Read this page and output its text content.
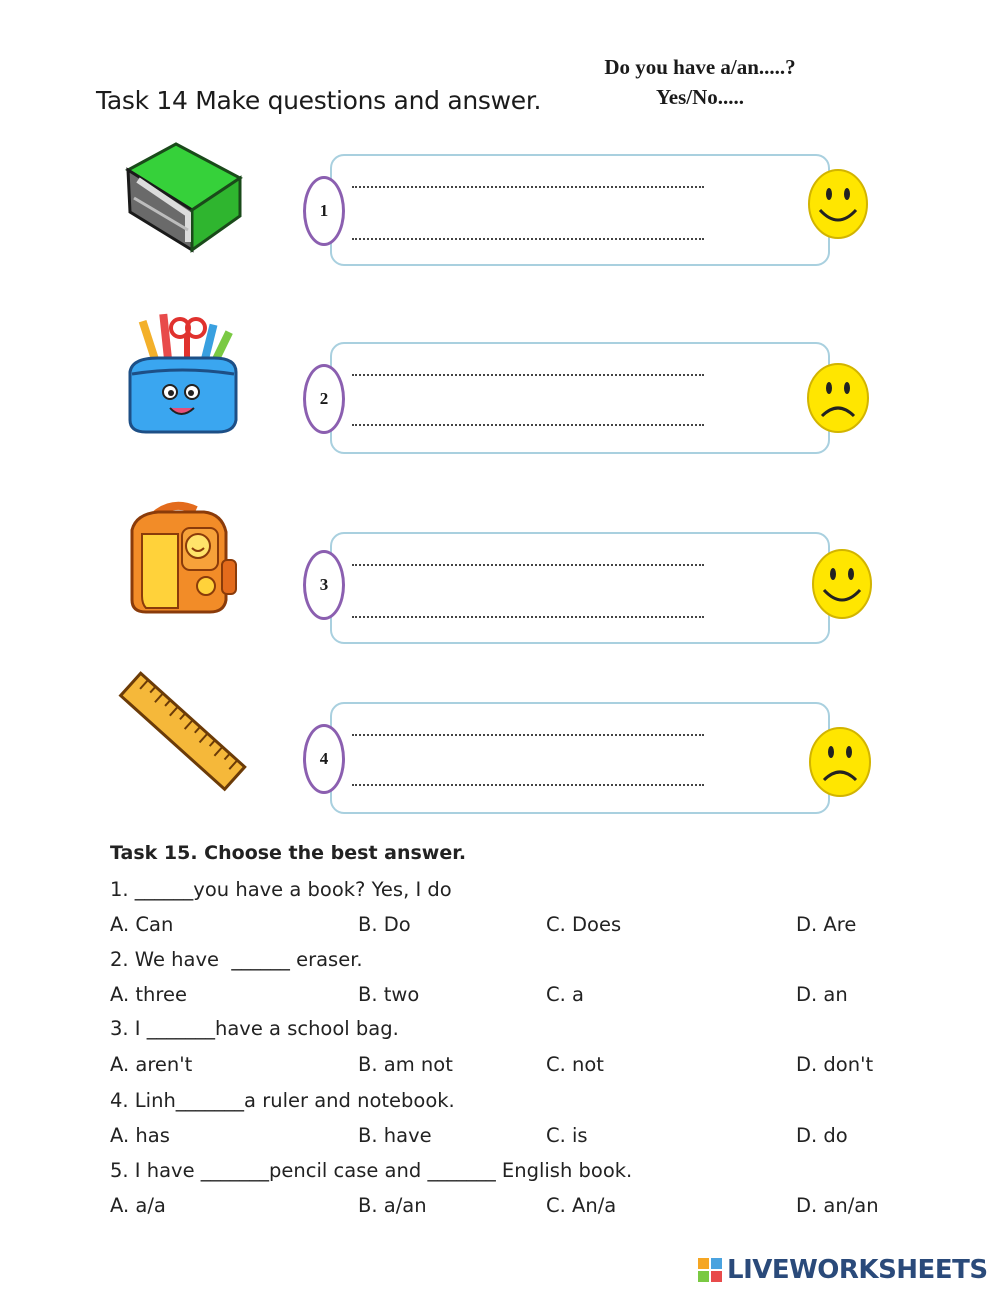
Task 14 Make questions and answer.
Do you have a/an.....?
Yes/No.....
1
2
3
4
Task 15. Choose the best answer.
1. ______you have a book? Yes, I do
A. Can	B. Do	C. Does	D. Are
2. We have  ______ eraser.
A. three	B. two	C. a	D. an
3. I _______have a school bag.
A. aren't	B. am not	C. not	D. don't
4. Linh_______a ruler and notebook.
A. has	B. have	C. is	D. do
5. I have _______pencil case and _______ English book.
A. a/a	B. a/an	C. An/a	D. an/an
LIVEWORKSHEETS
